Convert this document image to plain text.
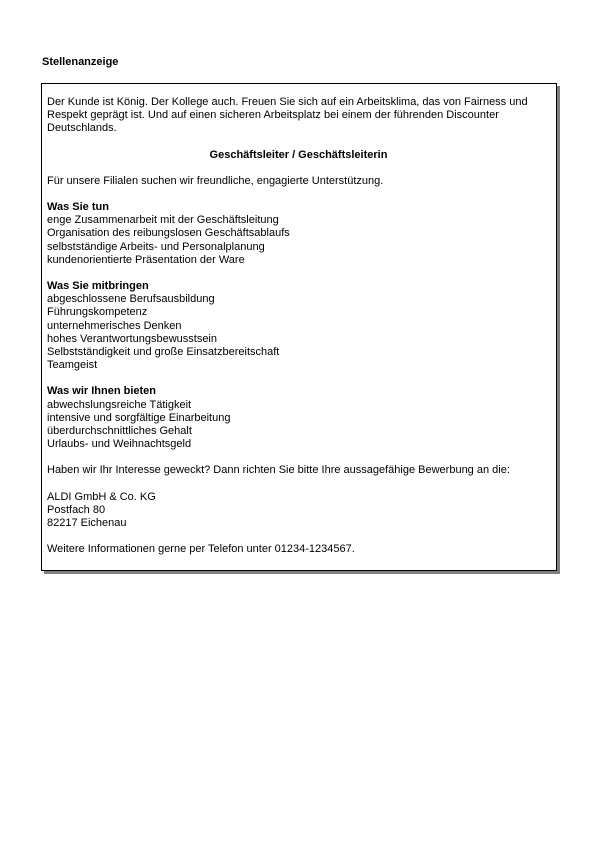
Stellenanzeige

Der Kunde ist König. Der Kollege auch. Freuen Sie sich auf ein Arbeitsklima, das von Fairness und Respekt geprägt ist. Und auf einen sicheren Arbeitsplatz bei einem der führenden Discounter Deutschlands.

Geschäftsleiter / Geschäftsleiterin

Für unsere Filialen suchen wir freundliche, engagierte Unterstützung.

Was Sie tun

enge Zusammenarbeit mit der Geschäftsleitung
Organisation des reibungslosen Geschäftsablaufs
selbstständige Arbeits- und Personalplanung
kundenorientierte Präsentation der Ware

Was Sie mitbringen

abgeschlossene Berufsausbildung
Führungskompetenz
unternehmerisches Denken
hohes Verantwortungsbewusstsein
Selbstständigkeit und große Einsatzbereitschaft
Teamgeist

Was wir Ihnen bieten

abwechslungsreiche Tätigkeit
intensive und sorgfältige Einarbeitung
überdurchschnittliches Gehalt
Urlaubs- und Weihnachtsgeld

Haben wir Ihr Interesse geweckt? Dann richten Sie bitte Ihre aussagefähige Bewerbung an die:

ALDI GmbH & Co. KG

Postfach 80

82217 Eichenau

Weitere Informationen gerne per Telefon unter 01234-1234567.
